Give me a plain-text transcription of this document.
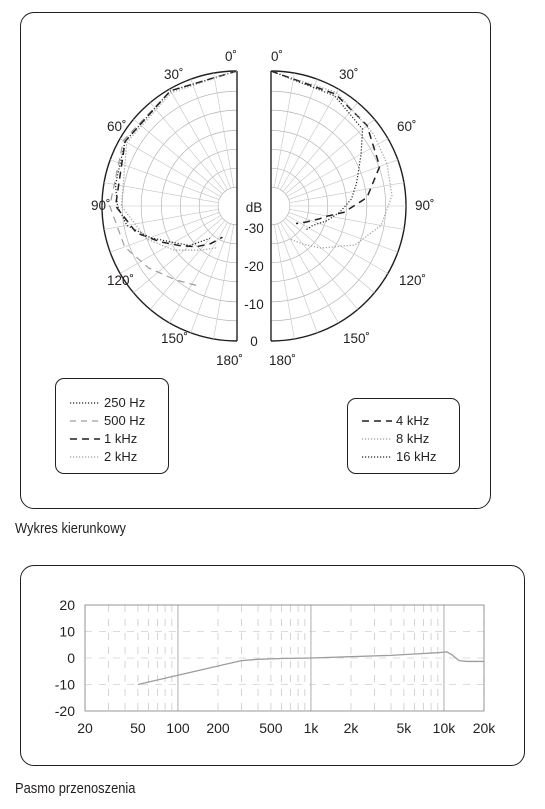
0˚	0˚
30˚	30˚
60˚	60˚
90˚	90˚
120˚	120˚
150˚	150˚
180˚ 180˚
dB
-30
-20
-10
0
250 Hz
500 Hz
1 kHz
2 kHz
4 kHz
8 kHz
16 kHz
Wykres kierunkowy
20
10
0
-10
-20
20	50 100 200 500 1k 2k	5k 10k 20k
Pasmo przenoszenia
